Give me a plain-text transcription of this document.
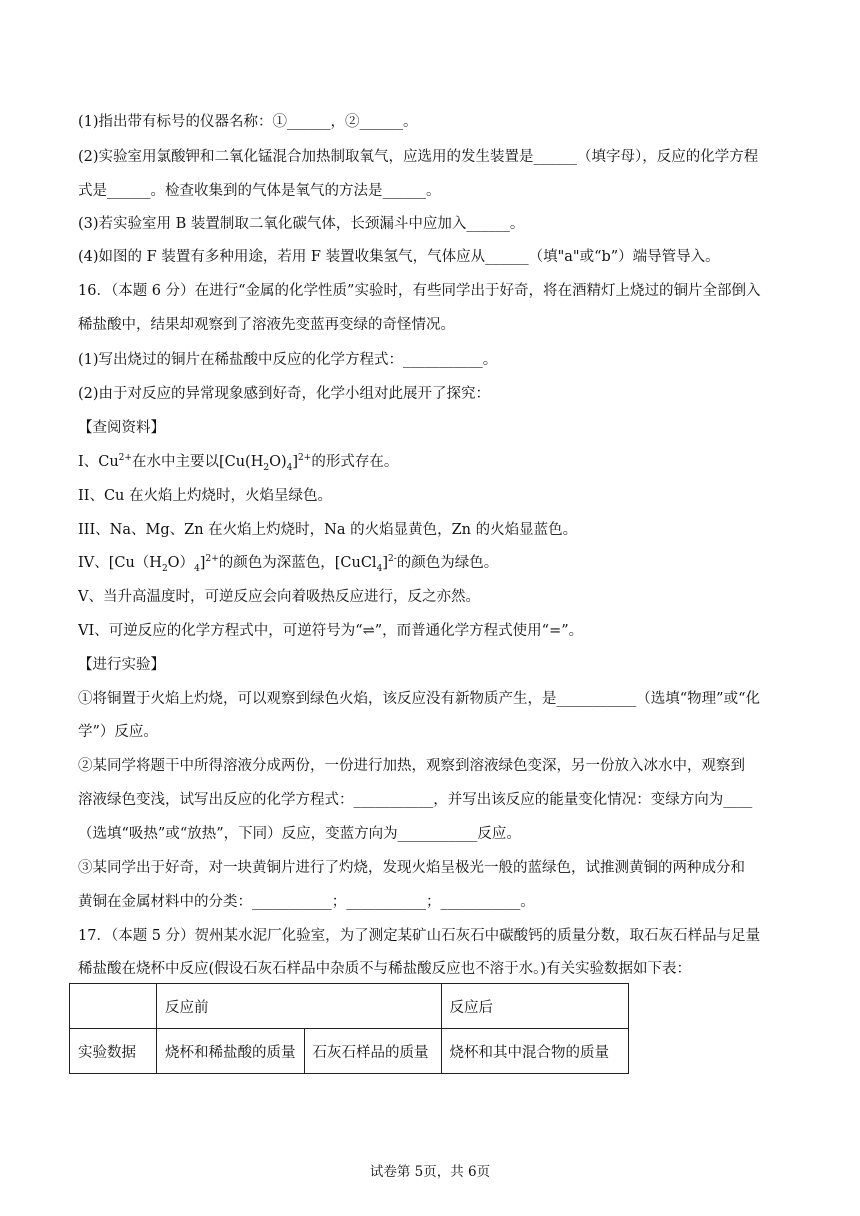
(1)指出带有标号的仪器名称：①______，②______。
(2)实验室用氯酸钾和二氧化锰混合加热制取氧气，应选用的发生装置是______（填字母），反应的化学方程
式是______。检查收集到的气体是氧气的方法是______。
(3)若实验室用 B 装置制取二氧化碳气体，长颈漏斗中应加入______。
(4)如图的 F 装置有多种用途，若用 F 装置收集氢气，气体应从______（填"a"或“b”）端导管导入。
16．（本题 6 分）在进行“金属的化学性质”实验时，有些同学出于好奇，将在酒精灯上烧过的铜片全部倒入
稀盐酸中，结果却观察到了溶液先变蓝再变绿的奇怪情况。
(1)写出烧过的铜片在稀盐酸中反应的化学方程式：___________。
(2)由于对反应的异常现象感到好奇，化学小组对此展开了探究：
【查阅资料】
I、$Cu^{2+}$在水中主要以$[Cu(H_2O)_4]^{2+}$的形式存在。
II、Cu 在火焰上灼烧时，火焰呈绿色。
III、Na、Mg、Zn 在火焰上灼烧时，Na 的火焰显黄色，Zn 的火焰显蓝色。
IV、$[Cu(H_2O)_4]^{2+}$的颜色为深蓝色，[CuCl$_4$]$^{2-}$的颜色为绿色。
V、当升高温度时，可逆反应会向着吸热反应进行，反之亦然。
VI、可逆反应的化学方程式中，可逆符号为“⇌”，而普通化学方程式使用“=”。
【进行实验】
①将铜置于火焰上灼烧，可以观察到绿色火焰，该反应没有新物质产生，是___________（选填“物理”或“化
学”）反应。
②某同学将题干中所得溶液分成两份，一份进行加热，观察到溶液绿色变深，另一份放入冰水中，观察到
溶液绿色变浅，试写出反应的化学方程式：___________，并写出该反应的能量变化情况：变绿方向为____
（选填“吸热”或“放热”，下同）反应，变蓝方向为___________反应。
③某同学出于好奇，对一块黄铜片进行了灼烧，发现火焰呈极光一般的蓝绿色，试推测黄铜的两种成分和
黄铜在金属材料中的分类：___________；___________；___________。
17．（本题 5 分）贺州某水泥厂化验室，为了测定某矿山石灰石中碳酸钙的质量分数，取石灰石样品与足量
稀盐酸在烧杯中反应(假设石灰石样品中杂质不与稀盐酸反应也不溶于水。)有关实验数据如下表：
	反应前		反应后
实验数据	烧杯和稀盐酸的质量	石灰石样品的质量	烧杯和其中混合物的质量
试卷第 5页，共 6页
